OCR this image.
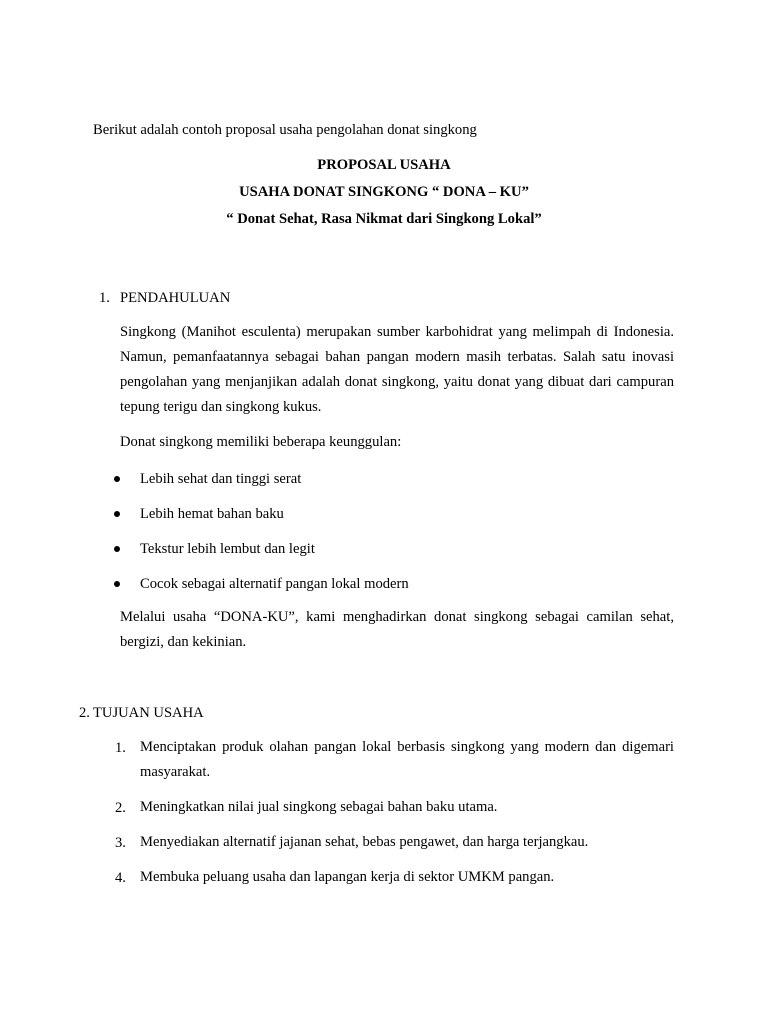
Berikut adalah contoh proposal usaha pengolahan donat singkong
PROPOSAL USAHA
USAHA DONAT SINGKONG “ DONA – KU”
“ Donat Sehat, Rasa Nikmat dari Singkong Lokal”
1. PENDAHULUAN
Singkong (Manihot esculenta) merupakan sumber karbohidrat yang melimpah di Indonesia. Namun, pemanfaatannya sebagai bahan pangan modern masih terbatas. Salah satu inovasi pengolahan yang menjanjikan adalah donat singkong, yaitu donat yang dibuat dari campuran tepung terigu dan singkong kukus.
Donat singkong memiliki beberapa keunggulan:
Lebih sehat dan tinggi serat
Lebih hemat bahan baku
Tekstur lebih lembut dan legit
Cocok sebagai alternatif pangan lokal modern
Melalui usaha “DONA-KU”, kami menghadirkan donat singkong sebagai camilan sehat, bergizi, dan kekinian.
2. TUJUAN USAHA
1. Menciptakan produk olahan pangan lokal berbasis singkong yang modern dan digemari masyarakat.
2. Meningkatkan nilai jual singkong sebagai bahan baku utama.
3. Menyediakan alternatif jajanan sehat, bebas pengawet, dan harga terjangkau.
4. Membuka peluang usaha dan lapangan kerja di sektor UMKM pangan.
